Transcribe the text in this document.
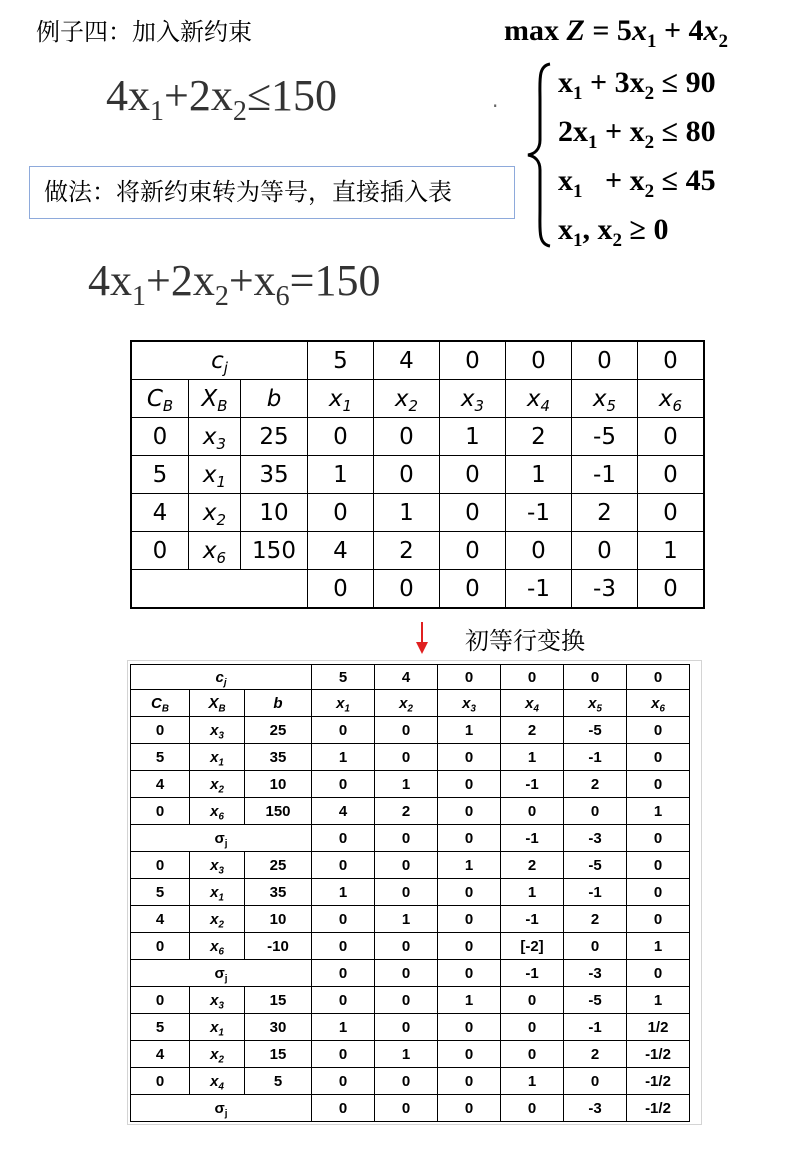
例子四：加入新约束
$4x_1+2x_2\le 150$
做法：将新约束转为等号，直接插入表
$4x_1+2x_2+x_6=150$
·
$\max Z = 5x_1 + 4x_2$
$x_1 + 3x_2 \le 90$
$2x_1 + x_2 \le 80$
$x_1 + x_2 \le 45$
$x_1$, $x_2 \ge 0$
$c_j$			5	4	0	0	0	0
$C_B$	$X_B$	b	$x_1$	$x_2$	$x_3$	$x_4$	$x_5$	$x_6$
0	$x_3$	25	0	0	1	2	-5	0
5	$x_1$	35	1	0	0	1	-1	0
4	$x_2$	10	0	1	0	-1	2	0
0	$x_6$	150	4	2	0	0	0	1
			0	0	0	-1	-3	0
初等行变换
$c_j$			5	4	0	0	0	0
$C_B$	$X_B$	b	$x_1$	$x_2$	$x_3$	$x_4$	$x_5$	$x_6$
0	$x_3$	25	0	0	1	2	-5	0
5	$x_1$	35	1	0	0	1	-1	0
4	$x_2$	10	0	1	0	-1	2	0
0	$x_6$	150	4	2	0	0	0	1
$\sigma_j$			0	0	0	-1	-3	0
0	$x_3$	25	0	0	1	2	-5	0
5	$x_1$	35	1	0	0	1	-1	0
4	$x_2$	10	0	1	0	-1	2	0
0	$x_6$	-10	0	0	0	[-2]	0	1
$\sigma_j$			0	0	0	-1	-3	0
0	$x_3$	15	0	0	1	0	-5	1
5	$x_1$	30	1	0	0	0	-1	1/2
4	$x_2$	15	0	1	0	0	2	-1/2
0	$x_4$	5	0	0	0	1	0	-1/2
$\sigma_j$			0	0	0	0	-3	-1/2
